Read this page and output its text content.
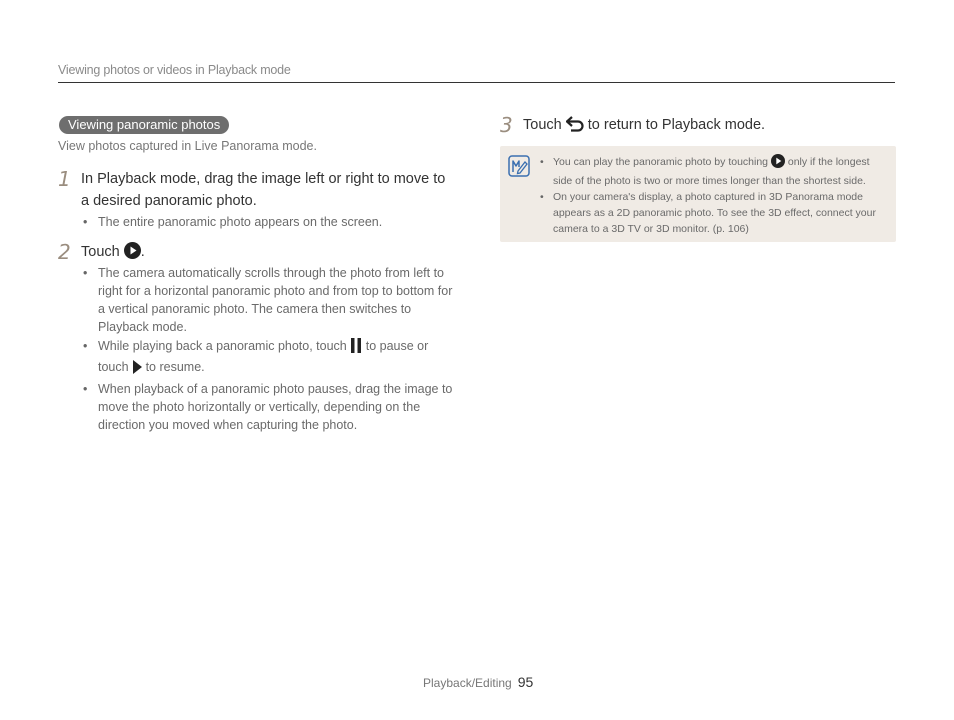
Viewing photos or videos in Playback mode
Viewing panoramic photos
View photos captured in Live Panorama mode.
1 In Playback mode, drag the image left or right to move to a desired panoramic photo.
• The entire panoramic photo appears on the screen.
2 Touch .
• The camera automatically scrolls through the photo from left to right for a horizontal panoramic photo and from top to bottom for a vertical panoramic photo. The camera then switches to Playback mode.
• While playing back a panoramic photo, touch to pause or touch to resume.
• When playback of a panoramic photo pauses, drag the image to move the photo horizontally or vertically, depending on the direction you moved when capturing the photo.
3 Touch to return to Playback mode.
• You can play the panoramic photo by touching only if the longest side of the photo is two or more times longer than the shortest side.
• On your camera's display, a photo captured in 3D Panorama mode appears as a 2D panoramic photo. To see the 3D effect, connect your camera to a 3D TV or 3D monitor. (p. 106)
Playback/Editing 95
